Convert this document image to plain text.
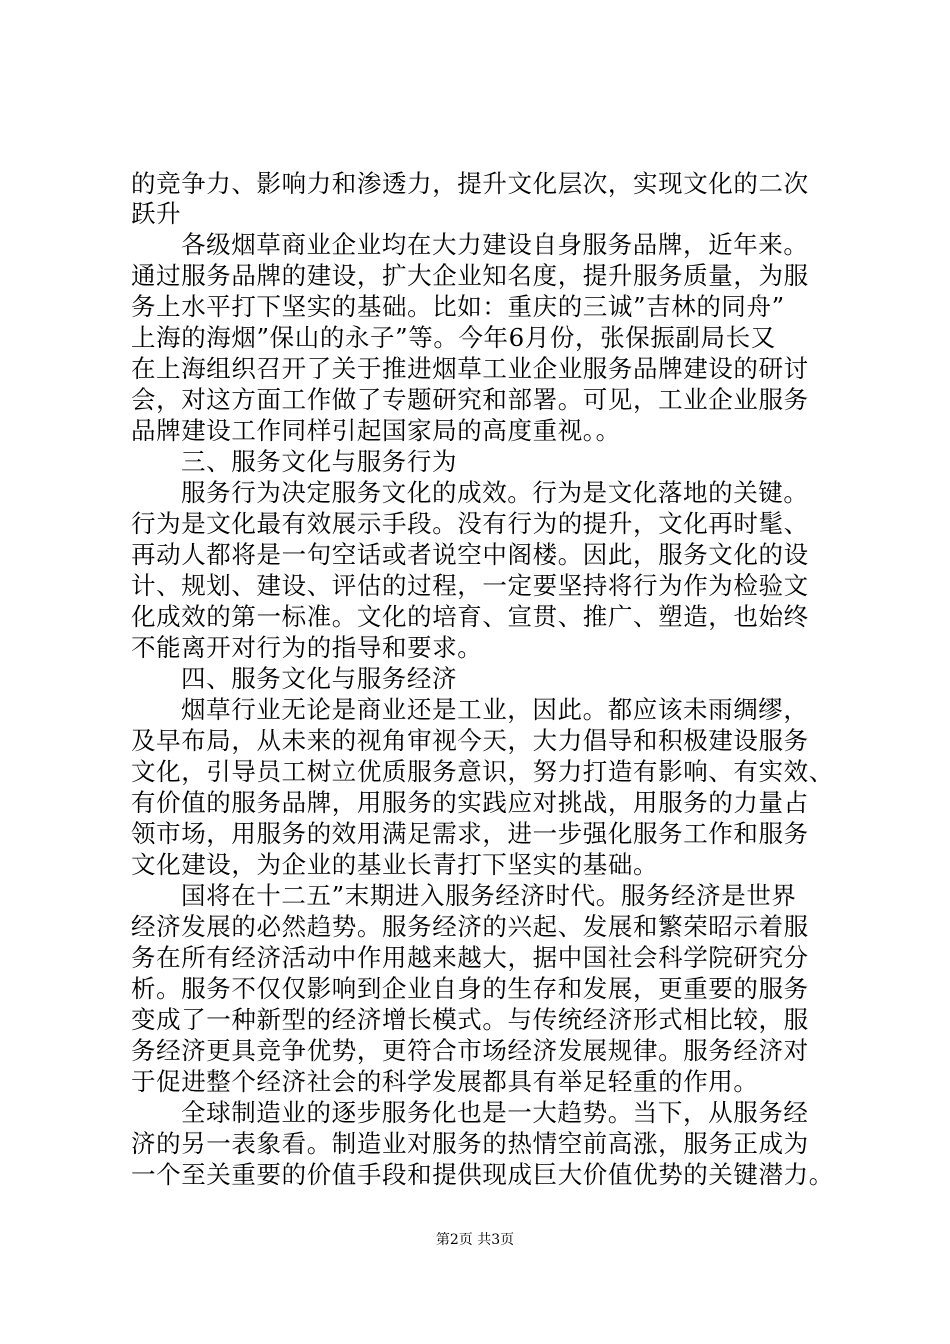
的竞争力、影响力和渗透力，提升文化层次，实现文化的二次
跃升
各级烟草商业企业均在大力建设自身服务品牌，近年来。
通过服务品牌的建设，扩大企业知名度，提升服务质量，为服
务上水平打下坚实的基础。比如：重庆的三诚”吉林的同舟”
上海的海烟”保山的永子”等。今年6月份，张保振副局长又
在上海组织召开了关于推进烟草工业企业服务品牌建设的研讨
会，对这方面工作做了专题研究和部署。可见，工业企业服务
品牌建设工作同样引起国家局的高度重视。。
三、服务文化与服务行为
服务行为决定服务文化的成效。行为是文化落地的关键。
行为是文化最有效展示手段。没有行为的提升，文化再时髦、
再动人都将是一句空话或者说空中阁楼。因此，服务文化的设
计、规划、建设、评估的过程，一定要坚持将行为作为检验文
化成效的第一标准。文化的培育、宣贯、推广、塑造，也始终
不能离开对行为的指导和要求。
四、服务文化与服务经济
烟草行业无论是商业还是工业，因此。都应该未雨绸缪，
及早布局，从未来的视角审视今天，大力倡导和积极建设服务
文化，引导员工树立优质服务意识，努力打造有影响、有实效、
有价值的服务品牌，用服务的实践应对挑战，用服务的力量占
领市场，用服务的效用满足需求，进一步强化服务工作和服务
文化建设，为企业的基业长青打下坚实的基础。
国将在十二五”末期进入服务经济时代。服务经济是世界
经济发展的必然趋势。服务经济的兴起、发展和繁荣昭示着服
务在所有经济活动中作用越来越大，据中国社会科学院研究分
析。服务不仅仅影响到企业自身的生存和发展，更重要的服务
变成了一种新型的经济增长模式。与传统经济形式相比较，服
务经济更具竞争优势，更符合市场经济发展规律。服务经济对
于促进整个经济社会的科学发展都具有举足轻重的作用。
全球制造业的逐步服务化也是一大趋势。当下，从服务经
济的另一表象看。制造业对服务的热情空前高涨，服务正成为
一个至关重要的价值手段和提供现成巨大价值优势的关键潜力。
第2页 共3页
